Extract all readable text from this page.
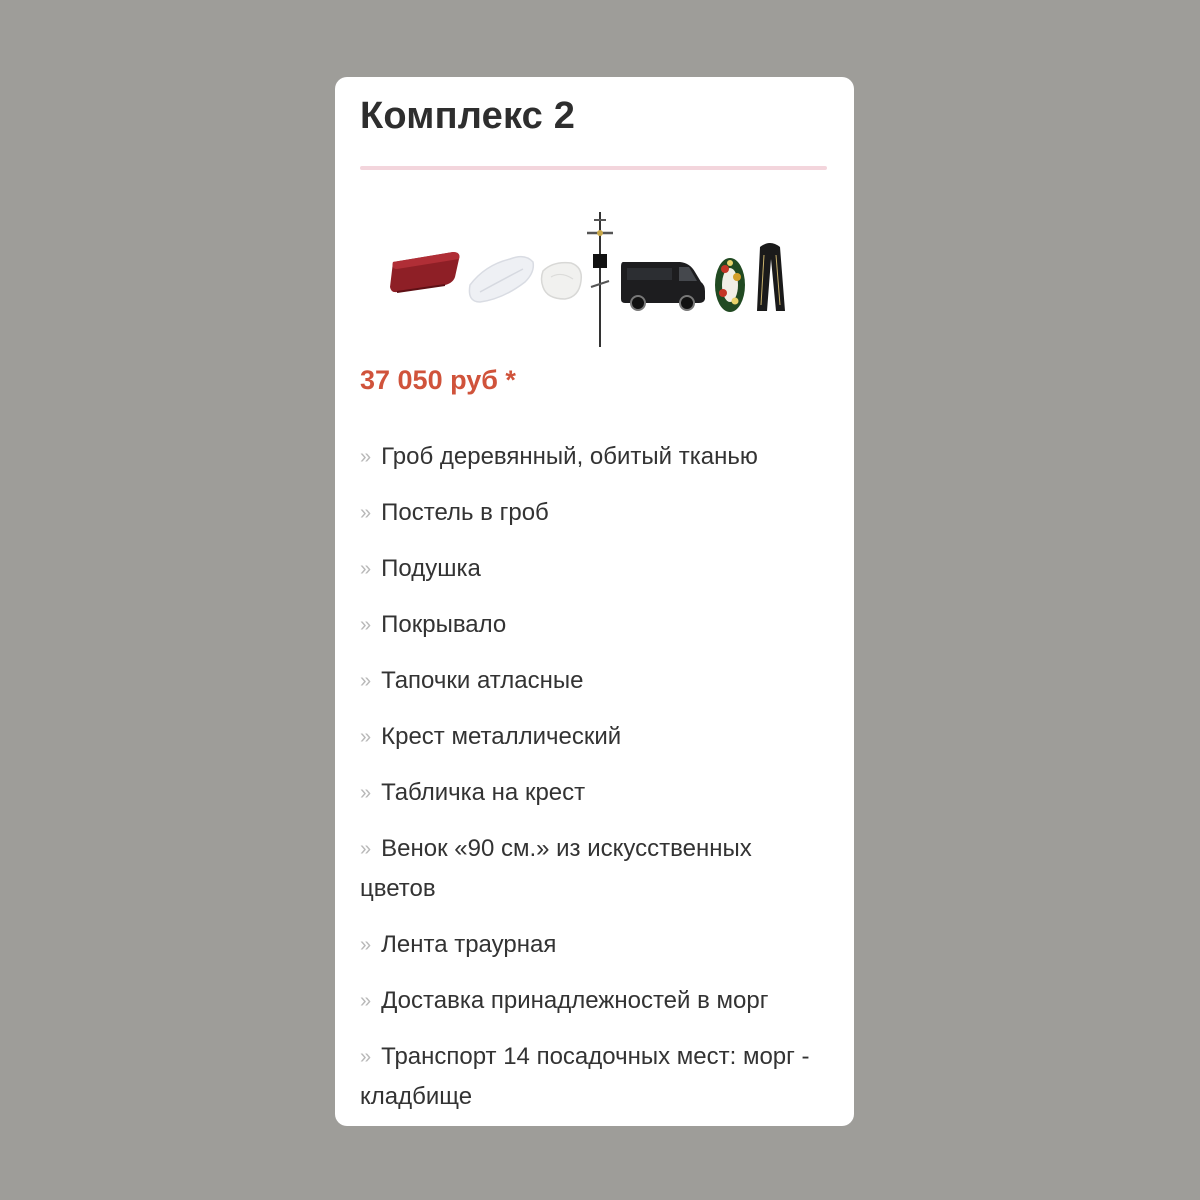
Комплекс 2
37 050 руб *
» Гроб деревянный, обитый тканью
» Постель в гроб
» Подушка
» Покрывало
» Тапочки атласные
» Крест металлический
» Табличка на крест
» Венок «90 см.» из искусственных цветов
» Лента траурная
» Доставка принадлежностей в морг
» Транспорт 14 посадочных мест: морг - кладбище
